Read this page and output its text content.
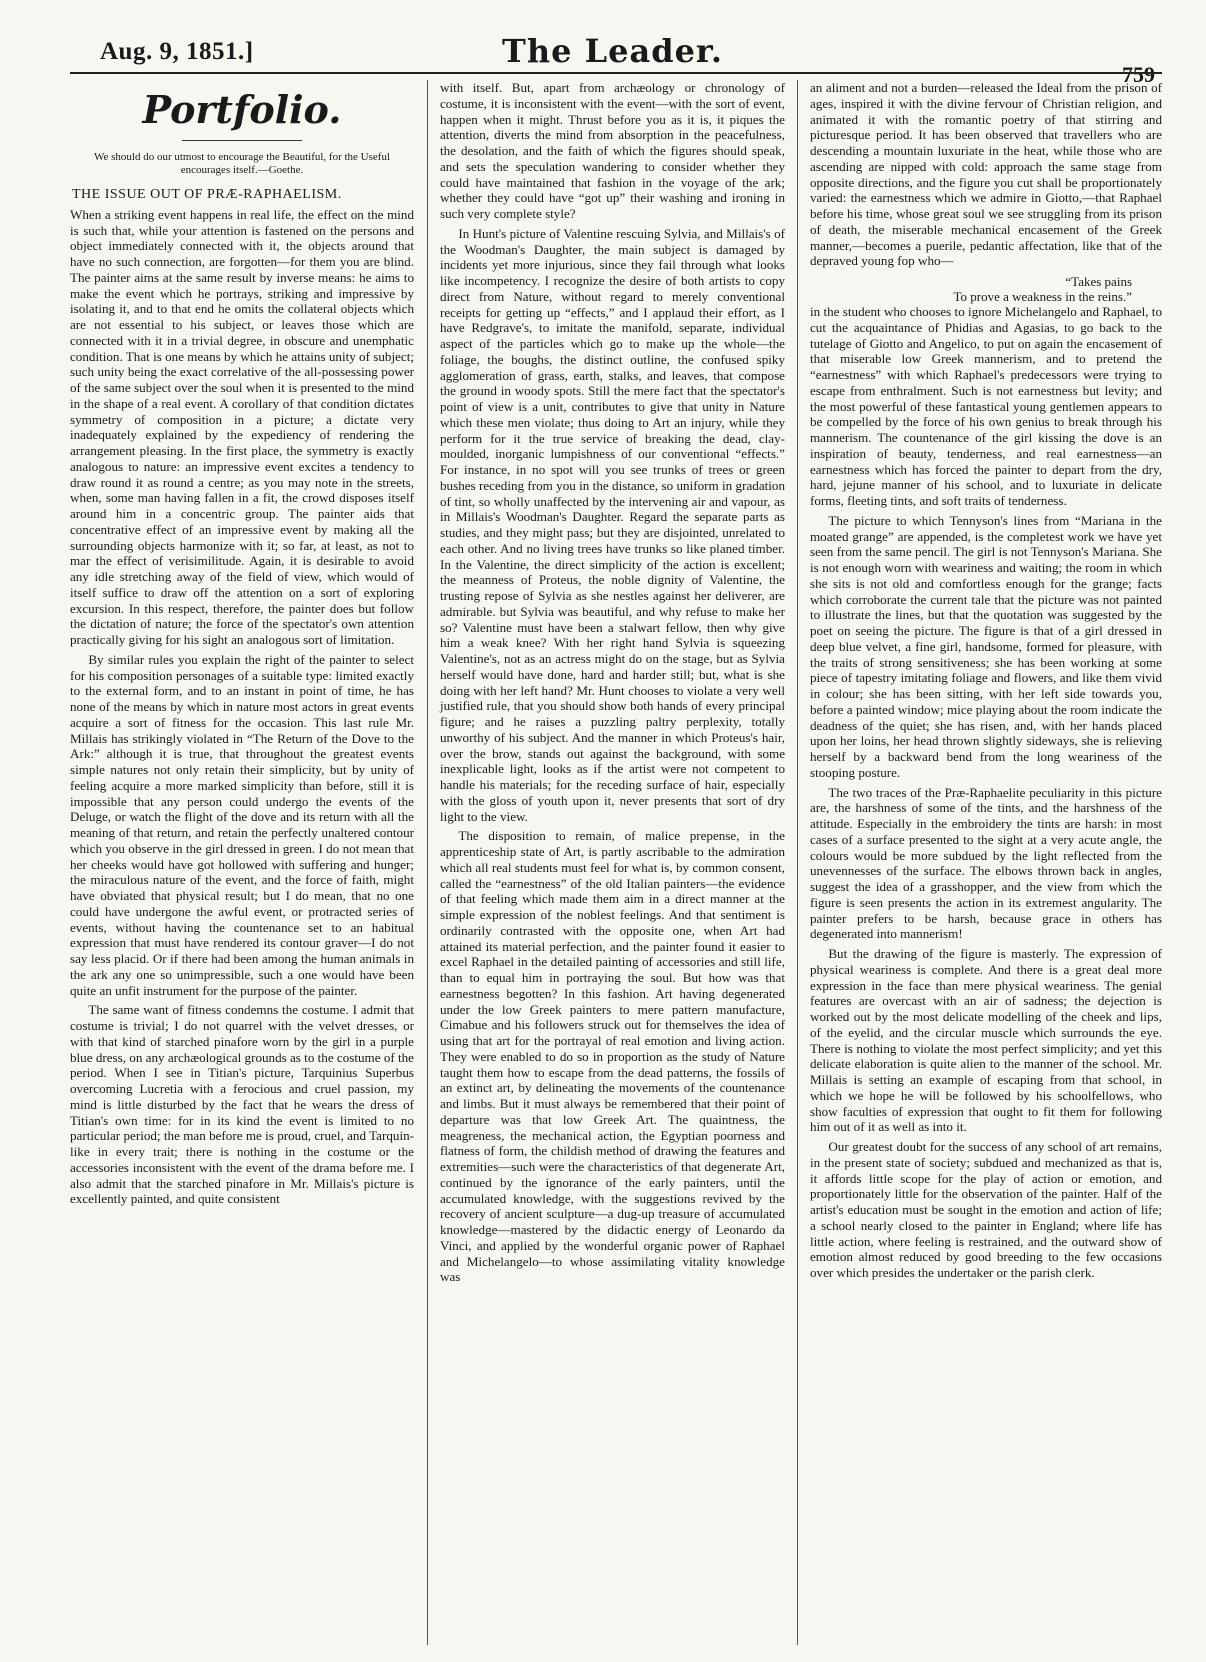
Aug. 9, 1851.]	The Leader.
759
Portfolio.
We should do our utmost to encourage the Beautiful, for the Useful encourages itself.—Goethe.
THE ISSUE OUT OF PRÆ-RAPHAELISM.

When a striking event happens in real life, the effect on the mind is such that, while your attention is fastened on the persons and object immediately connected with it, the objects around that have no such connection, are forgotten—for them you are blind. The painter aims at the same result by inverse means: he aims to make the event which he portrays, striking and impressive by isolating it, and to that end he omits the collateral objects which are not essential to his subject, or leaves those which are connected with it in a trivial degree, in obscure and unemphatic condition. That is one means by which he attains unity of subject; such unity being the exact correlative of the all-possessing power of the same subject over the soul when it is presented to the mind in the shape of a real event. A corollary of that condition dictates symmetry of composition in a picture; a dictate very inadequately explained by the expediency of rendering the arrangement pleasing. In the first place, the symmetry is exactly analogous to nature: an impressive event excites a tendency to draw round it as round a centre; as you may note in the streets, when, some man having fallen in a fit, the crowd disposes itself around him in a concentric group. The painter aids that concentrative effect of an impressive event by making all the surrounding objects harmonize with it; so far, at least, as not to mar the effect of verisimilitude. Again, it is desirable to avoid any idle stretching away of the field of view, which would of itself suffice to draw off the attention on a sort of exploring excursion. In this respect, therefore, the painter does but follow the dictation of nature; the force of the spectator's own attention practically giving for his sight an analogous sort of limitation.

By similar rules you explain the right of the painter to select for his composition personages of a suitable type: limited exactly to the external form, and to an instant in point of time, he has none of the means by which in nature most actors in great events acquire a sort of fitness for the occasion. This last rule Mr. Millais has strikingly violated in “The Return of the Dove to the Ark:” although it is true, that throughout the greatest events simple natures not only retain their simplicity, but by unity of feeling acquire a more marked simplicity than before, still it is impossible that any person could undergo the events of the Deluge, or watch the flight of the dove and its return with all the meaning of that return, and retain the perfectly unaltered contour which you observe in the girl dressed in green. I do not mean that her cheeks would have got hollowed with suffering and hunger; the miraculous nature of the event, and the force of faith, might have obviated that physical result; but I do mean, that no one could have undergone the awful event, or protracted series of events, without having the countenance set to an habitual expression that must have rendered its contour graver—I do not say less placid. Or if there had been among the human animals in the ark any one so unimpressible, such a one would have been quite an unfit instrument for the purpose of the painter.

The same want of fitness condemns the costume. I admit that costume is trivial; I do not quarrel with the velvet dresses, or with that kind of starched pinafore worn by the girl in a purple blue dress, on any archæological grounds as to the costume of the period. When I see in Titian's picture, Tarquinius Superbus overcoming Lucretia with a ferocious and cruel passion, my mind is little disturbed by the fact that he wears the dress of Titian's own time: for in its kind the event is limited to no particular period; the man before me is proud, cruel, and Tarquin-like in every trait; there is nothing in the costume or the accessories inconsistent with the event of the drama before me. I also admit that the starched pinafore in Mr. Millais's picture is excellently painted, and quite consistent

with itself. But, apart from archæology or chronology of costume, it is inconsistent with the event—with the sort of event, happen when it might. Thrust before you as it is, it piques the attention, diverts the mind from absorption in the peacefulness, the desolation, and the faith of which the figures should speak, and sets the speculation wandering to consider whether they could have maintained that fashion in the voyage of the ark; whether they could have “got up” their washing and ironing in such very complete style?

In Hunt's picture of Valentine rescuing Sylvia, and Millais's of the Woodman's Daughter, the main subject is damaged by incidents yet more injurious, since they fail through what looks like incompetency. I recognize the desire of both artists to copy direct from Nature, without regard to merely conventional receipts for getting up “effects,” and I applaud their effort, as I have Redgrave's, to imitate the manifold, separate, individual aspect of the particles which go to make up the whole—the foliage, the boughs, the distinct outline, the confused spiky agglomeration of grass, earth, stalks, and leaves, that compose the ground in woody spots. Still the mere fact that the spectator's point of view is a unit, contributes to give that unity in Nature which these men violate; thus doing to Art an injury, while they perform for it the true service of breaking the dead, clay-moulded, inorganic lumpishness of our conventional “effects.” For instance, in no spot will you see trunks of trees or green bushes receding from you in the distance, so uniform in gradation of tint, so wholly unaffected by the intervening air and vapour, as in Millais's Woodman's Daughter. Regard the separate parts as studies, and they might pass; but they are disjointed, unrelated to each other. And no living trees have trunks so like planed timber. In the Valentine, the direct simplicity of the action is excellent; the meanness of Proteus, the noble dignity of Valentine, the trusting repose of Sylvia as she nestles against her deliverer, are admirable. but Sylvia was beautiful, and why refuse to make her so? Valentine must have been a stalwart fellow, then why give him a weak knee? With her right hand Sylvia is squeezing Valentine's, not as an actress might do on the stage, but as Sylvia herself would have done, hard and harder still; but, what is she doing with her left hand? Mr. Hunt chooses to violate a very well justified rule, that you should show both hands of every principal figure; and he raises a puzzling paltry perplexity, totally unworthy of his subject. And the manner in which Proteus's hair, over the brow, stands out against the background, with some inexplicable light, looks as if the artist were not competent to handle his materials; for the receding surface of hair, especially with the gloss of youth upon it, never presents that sort of dry light to the view.

The disposition to remain, of malice prepense, in the apprenticeship state of Art, is partly ascribable to the admiration which all real students must feel for what is, by common consent, called the “earnestness” of the old Italian painters—the evidence of that feeling which made them aim in a direct manner at the simple expression of the noblest feelings. And that sentiment is ordinarily contrasted with the opposite one, when Art had attained its material perfection, and the painter found it easier to excel Raphael in the detailed painting of accessories and still life, than to equal him in portraying the soul. But how was that earnestness begotten? In this fashion. Art having degenerated under the low Greek painters to mere pattern manufacture, Cimabue and his followers struck out for themselves the idea of using that art for the portrayal of real emotion and living action. They were enabled to do so in proportion as the study of Nature taught them how to escape from the dead patterns, the fossils of an extinct art, by delineating the movements of the countenance and limbs. But it must always be remembered that their point of departure was that low Greek Art. The quaintness, the meagreness, the mechanical action, the Egyptian poorness and flatness of form, the childish method of drawing the features and extremities—such were the characteristics of that degenerate Art, continued by the ignorance of the early painters, until the accumulated knowledge, with the suggestions revived by the recovery of ancient sculpture—a dug-up treasure of accumulated knowledge—mastered by the didactic energy of Leonardo da Vinci, and applied by the wonderful organic power of Raphael and Michelangelo—to whose assimilating vitality knowledge was

an aliment and not a burden—released the Ideal from the prison of ages, inspired it with the divine fervour of Christian religion, and animated it with the romantic poetry of that stirring and picturesque period. It has been observed that travellers who are descending a mountain luxuriate in the heat, while those who are ascending are nipped with cold: approach the same stage from opposite directions, and the figure you cut shall be proportionately varied: the earnestness which we admire in Giotto,—that Raphael before his time, whose great soul we see struggling from its prison of death, the miserable mechanical encasement of the Greek manner,—becomes a puerile, pedantic affectation, like that of the depraved young fop who—

“Takes pains
To prove a weakness in the reins.”

in the student who chooses to ignore Michelangelo and Raphael, to cut the acquaintance of Phidias and Agasias, to go back to the tutelage of Giotto and Angelico, to put on again the encasement of that miserable low Greek mannerism, and to pretend the “earnestness” with which Raphael's predecessors were trying to escape from enthralment. Such is not earnestness but levity; and the most powerful of these fantastical young gentlemen appears to be compelled by the force of his own genius to break through his mannerism. The countenance of the girl kissing the dove is an inspiration of beauty, tenderness, and real earnestness—an earnestness which has forced the painter to depart from the dry, hard, jejune manner of his school, and to luxuriate in delicate forms, fleeting tints, and soft traits of tenderness.

The picture to which Tennyson's lines from “Mariana in the moated grange” are appended, is the completest work we have yet seen from the same pencil. The girl is not Tennyson's Mariana. She is not enough worn with weariness and waiting; the room in which she sits is not old and comfortless enough for the grange; facts which corroborate the current tale that the picture was not painted to illustrate the lines, but that the quotation was suggested by the poet on seeing the picture. The figure is that of a girl dressed in deep blue velvet, a fine girl, handsome, formed for pleasure, with the traits of strong sensitiveness; she has been working at some piece of tapestry imitating foliage and flowers, and like them vivid in colour; she has been sitting, with her left side towards you, before a painted window; mice playing about the room indicate the deadness of the quiet; she has risen, and, with her hands placed upon her loins, her head thrown slightly sideways, she is relieving herself by a backward bend from the long weariness of the stooping posture.

The two traces of the Præ-Raphaelite peculiarity in this picture are, the harshness of some of the tints, and the harshness of the attitude. Especially in the embroidery the tints are harsh: in most cases of a surface presented to the sight at a very acute angle, the colours would be more subdued by the light reflected from the unevennesses of the surface. The elbows thrown back in angles, suggest the idea of a grasshopper, and the view from which the figure is seen presents the action in its extremest angularity. The painter prefers to be harsh, because grace in others has degenerated into mannerism!

But the drawing of the figure is masterly. The expression of physical weariness is complete. And there is a great deal more expression in the face than mere physical weariness. The genial features are overcast with an air of sadness; the dejection is worked out by the most delicate modelling of the cheek and lips, of the eyelid, and the circular muscle which surrounds the eye. There is nothing to violate the most perfect simplicity; and yet this delicate elaboration is quite alien to the manner of the school. Mr. Millais is setting an example of escaping from that school, in which we hope he will be followed by his schoolfellows, who show faculties of expression that ought to fit them for following him out of it as well as into it.

Our greatest doubt for the success of any school of art remains, in the present state of society; subdued and mechanized as that is, it affords little scope for the play of action or emotion, and proportionately little for the observation of the painter. Half of the artist's education must be sought in the emotion and action of life; a school nearly closed to the painter in England; where life has little action, where feeling is restrained, and the outward show of emotion almost reduced by good breeding to the few occasions over which presides the undertaker or the parish clerk.
